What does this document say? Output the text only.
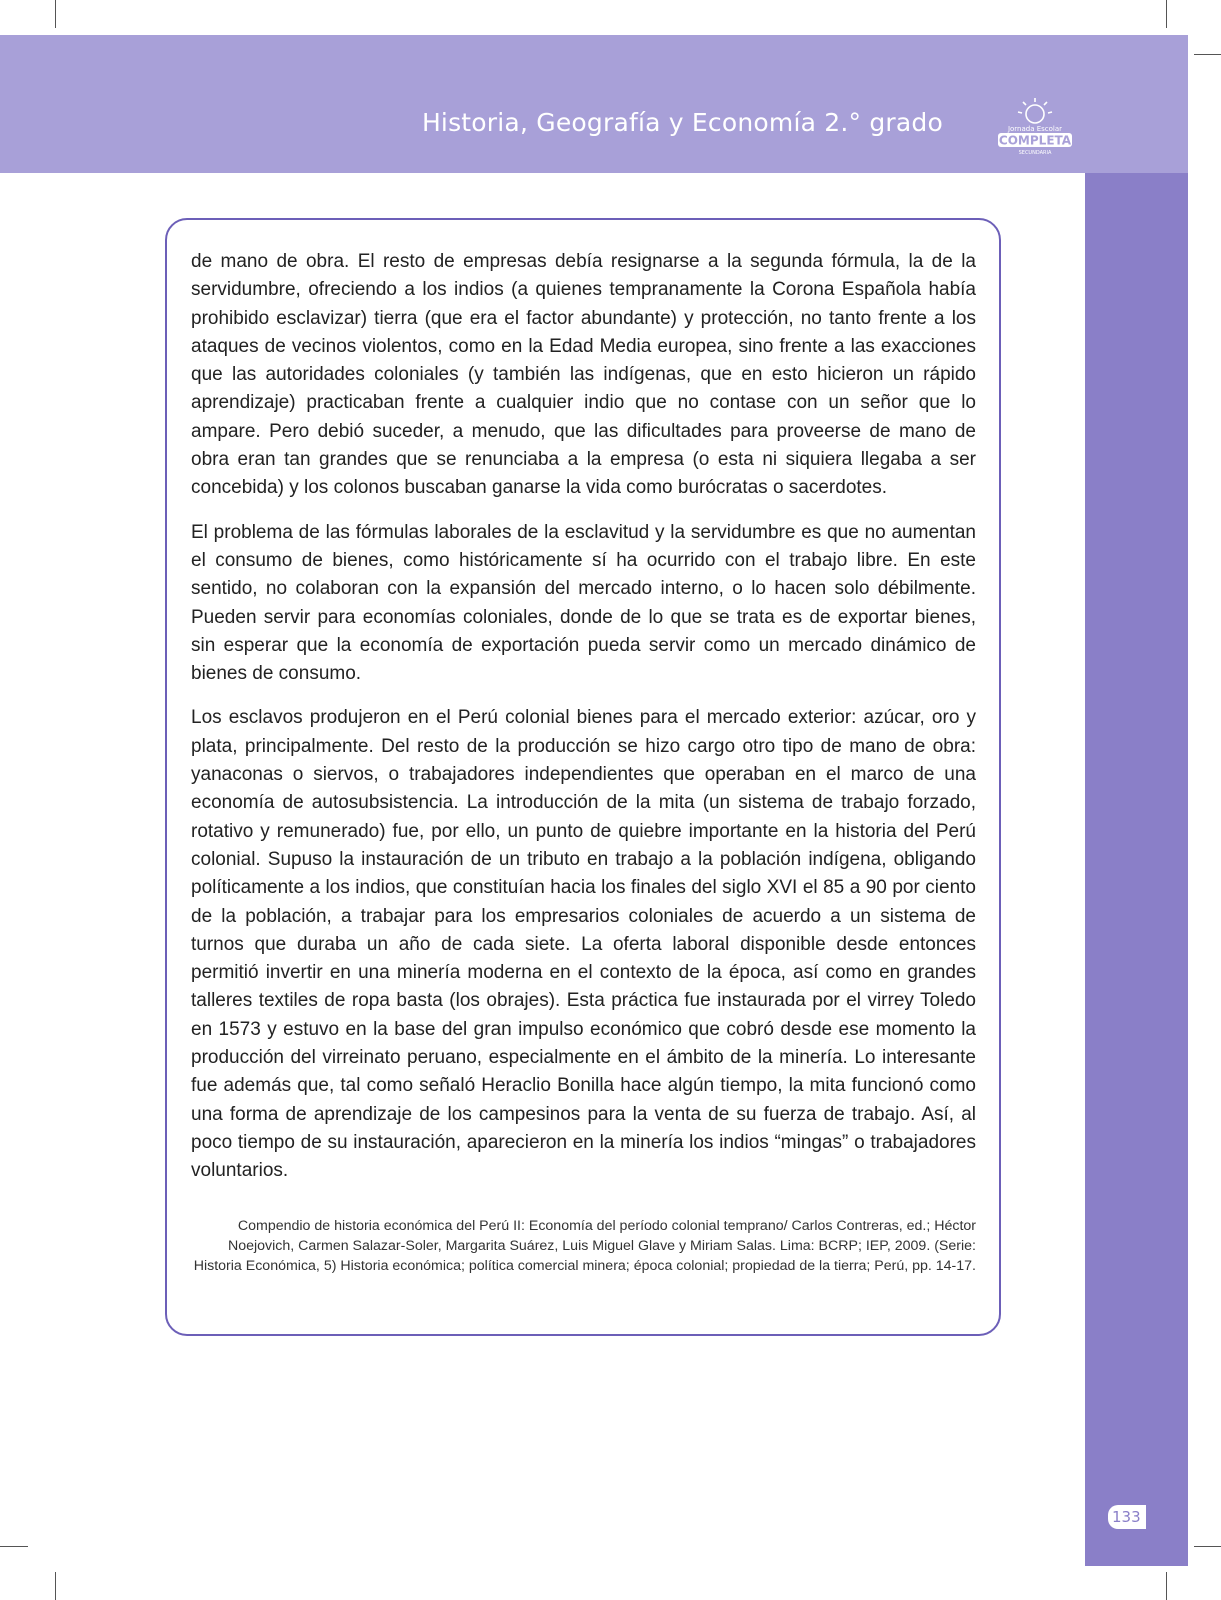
Historia, Geografía y Economía 2.° grado	Jornada Escolar
COMPLETA
SECUNDARIA
133

de mano de obra. El resto de empresas debía resignarse a la segunda fórmula, la de la servidumbre, ofreciendo a los indios (a quienes tempranamente la Corona Española había prohibido esclavizar) tierra (que era el factor abundante) y protección, no tanto frente a los ataques de vecinos violentos, como en la Edad Media europea, sino frente a las exacciones que las autoridades coloniales (y también las indígenas, que en esto hicieron un rápido aprendizaje) practicaban frente a cualquier indio que no contase con un señor que lo ampare. Pero debió suceder, a menudo, que las dificultades para proveerse de mano de obra eran tan grandes que se renunciaba a la empresa (o esta ni siquiera llegaba a ser concebida) y los colonos buscaban ganarse la vida como burócratas o sacerdotes.

El problema de las fórmulas laborales de la esclavitud y la servidumbre es que no aumentan el consumo de bienes, como históricamente sí ha ocurrido con el trabajo libre. En este sentido, no colaboran con la expansión del mercado interno, o lo hacen solo débilmente. Pueden servir para economías coloniales, donde de lo que se trata es de exportar bienes, sin esperar que la economía de exportación pueda servir como un mercado dinámico de bienes de consumo.

Los esclavos produjeron en el Perú colonial bienes para el mercado exterior: azúcar, oro y plata, principalmente. Del resto de la producción se hizo cargo otro tipo de mano de obra: yanaconas o siervos, o trabajadores independientes que operaban en el marco de una economía de autosubsistencia. La introducción de la mita (un sistema de trabajo forzado, rotativo y remunerado) fue, por ello, un punto de quiebre importante en la historia del Perú colonial. Supuso la instauración de un tributo en trabajo a la población indígena, obligando políticamente a los indios, que constituían hacia los finales del siglo XVI el 85 a 90 por ciento de la población, a trabajar para los empresarios coloniales de acuerdo a un sistema de turnos que duraba un año de cada siete. La oferta laboral disponible desde entonces permitió invertir en una minería moderna en el contexto de la época, así como en grandes talleres textiles de ropa basta (los obrajes). Esta práctica fue instaurada por el virrey Toledo en 1573 y estuvo en la base del gran impulso económico que cobró desde ese momento la producción del virreinato peruano, especialmente en el ámbito de la minería. Lo interesante fue además que, tal como señaló Heraclio Bonilla hace algún tiempo, la mita funcionó como una forma de aprendizaje de los campesinos para la venta de su fuerza de trabajo. Así, al poco tiempo de su instauración, aparecieron en la minería los indios “mingas” o trabajadores voluntarios.

Compendio de historia económica del Perú II: Economía del período colonial temprano/ Carlos Contreras, ed.; Héctor Noejovich, Carmen Salazar-Soler, Margarita Suárez, Luis Miguel Glave y Miriam Salas. Lima: BCRP; IEP, 2009. (Serie: Historia Económica, 5) Historia económica; política comercial minera; época colonial; propiedad de la tierra; Perú, pp. 14-17.
